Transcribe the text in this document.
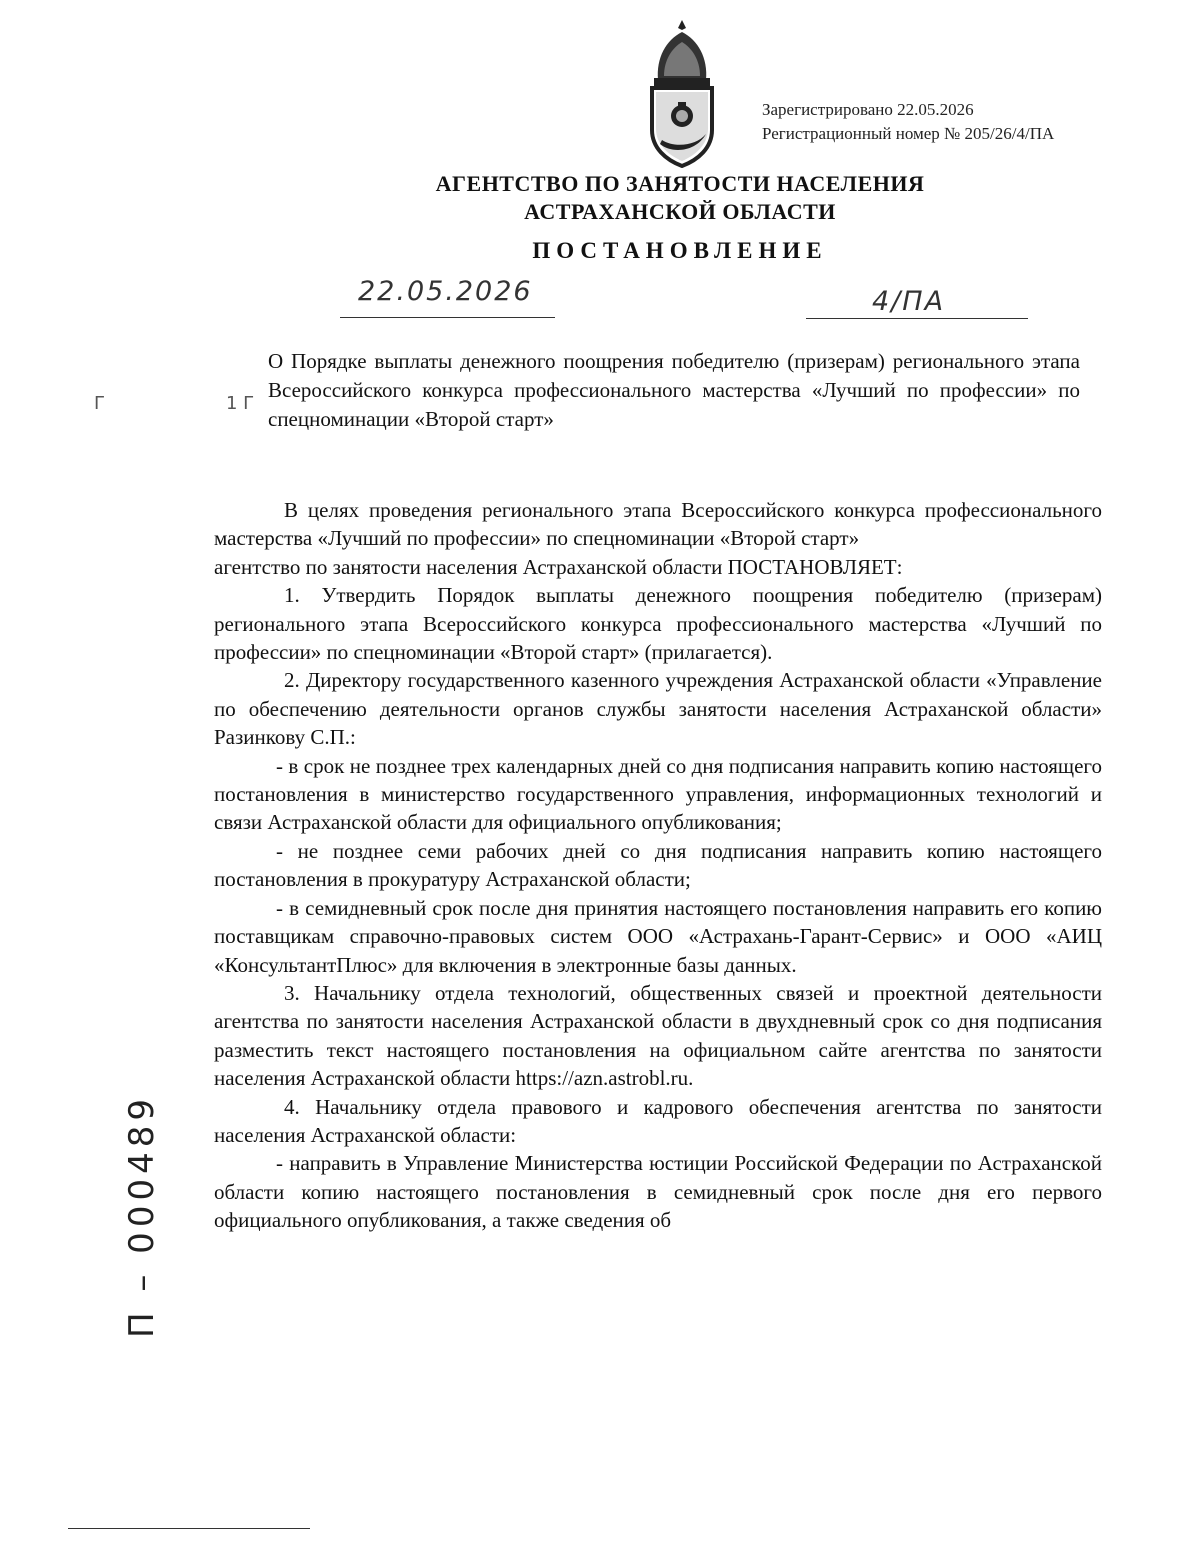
Зарегистрировано 22.05.2026
Регистрационный номер № 205/26/4/ПА
АГЕНТСТВО ПО ЗАНЯТОСТИ НАСЕЛЕНИЯ
АСТРАХАНСКОЙ ОБЛАСТИ
ПОСТАНОВЛЕНИЕ
22.05.2026	4/ПА
Г	1 Г
О Порядке выплаты денежного поощрения победителю (призерам) регионального этапа Всероссийского конкурса профессионального мастерства «Лучший по профессии» по спецноминации «Второй старт»

В целях проведения регионального этапа Всероссийского конкурса профессионального мастерства «Лучший по профессии» по спецноминации «Второй старт»

агентство по занятости населения Астраханской области ПОСТАНОВЛЯЕТ:

1. Утвердить Порядок выплаты денежного поощрения победителю (призерам) регионального этапа Всероссийского конкурса профессионального мастерства «Лучший по профессии» по спецноминации «Второй старт» (прилагается).

2. Директору государственного казенного учреждения Астраханской области «Управление по обеспечению деятельности органов службы занятости населения Астраханской области» Разинкову С.П.:

- в срок не позднее трех календарных дней со дня подписания направить копию настоящего постановления в министерство государственного управления, информационных технологий и связи Астраханской области для официального опубликования;

- не позднее семи рабочих дней со дня подписания направить копию настоящего постановления в прокуратуру Астраханской области;

- в семидневный срок после дня принятия настоящего постановления направить его копию поставщикам справочно-правовых систем ООО «Астрахань-Гарант-Сервис» и ООО «АИЦ «КонсультантПлюс» для включения в электронные базы данных.

3. Начальнику отдела технологий, общественных связей и проектной деятельности агентства по занятости населения Астраханской области в двухдневный срок со дня подписания разместить текст настоящего постановления на официальном сайте агентства по занятости населения Астраханской области https://azn.astrobl.ru.

4. Начальнику отдела правового и кадрового обеспечения агентства по занятости населения Астраханской области:

- направить в Управление Министерства юстиции Российской Федерации по Астраханской области копию настоящего постановления в семидневный срок после дня его первого официального опубликования, а также сведения об

П – 000489
